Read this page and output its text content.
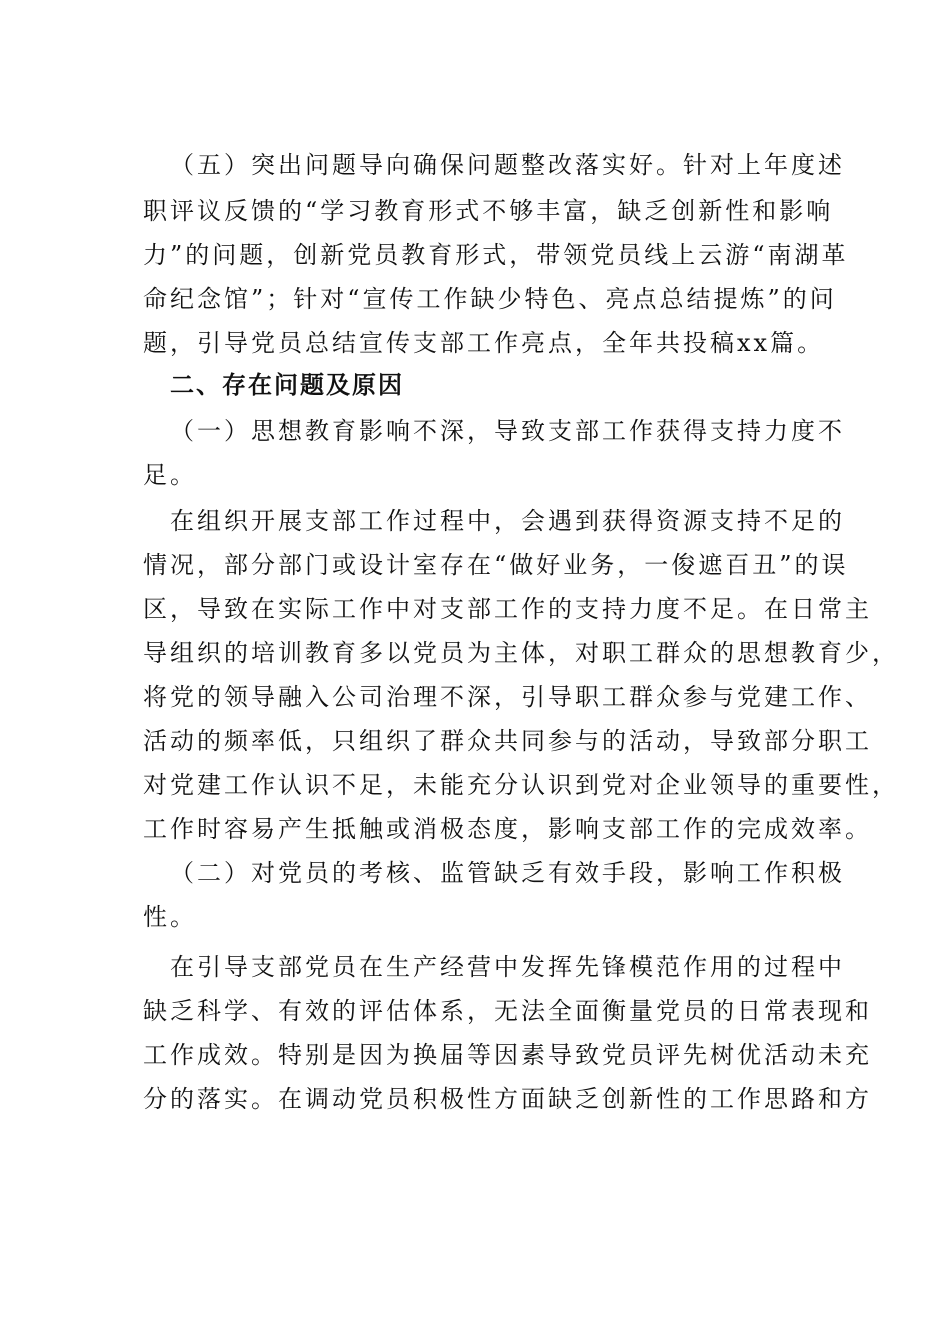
（五）突出问题导向确保问题整改落实好。针对上年度述
职评议反馈的“学习教育形式不够丰富，缺乏创新性和影响
力”的问题，创新党员教育形式，带领党员线上云游“南湖革
命纪念馆”；针对“宣传工作缺少特色、亮点总结提炼”的问
题，引导党员总结宣传支部工作亮点，全年共投稿xx篇。
二、存在问题及原因
（一）思想教育影响不深，导致支部工作获得支持力度不
足。
在组织开展支部工作过程中，会遇到获得资源支持不足的
情况，部分部门或设计室存在“做好业务，一俊遮百丑”的误
区，导致在实际工作中对支部工作的支持力度不足。在日常主
导组织的培训教育多以党员为主体，对职工群众的思想教育少，
将党的领导融入公司治理不深，引导职工群众参与党建工作、
活动的频率低，只组织了群众共同参与的活动，导致部分职工
对党建工作认识不足，未能充分认识到党对企业领导的重要性，
工作时容易产生抵触或消极态度，影响支部工作的完成效率。
（二）对党员的考核、监管缺乏有效手段，影响工作积极
性。
在引导支部党员在生产经营中发挥先锋模范作用的过程中
缺乏科学、有效的评估体系，无法全面衡量党员的日常表现和
工作成效。特别是因为换届等因素导致党员评先树优活动未充
分的落实。在调动党员积极性方面缺乏创新性的工作思路和方
